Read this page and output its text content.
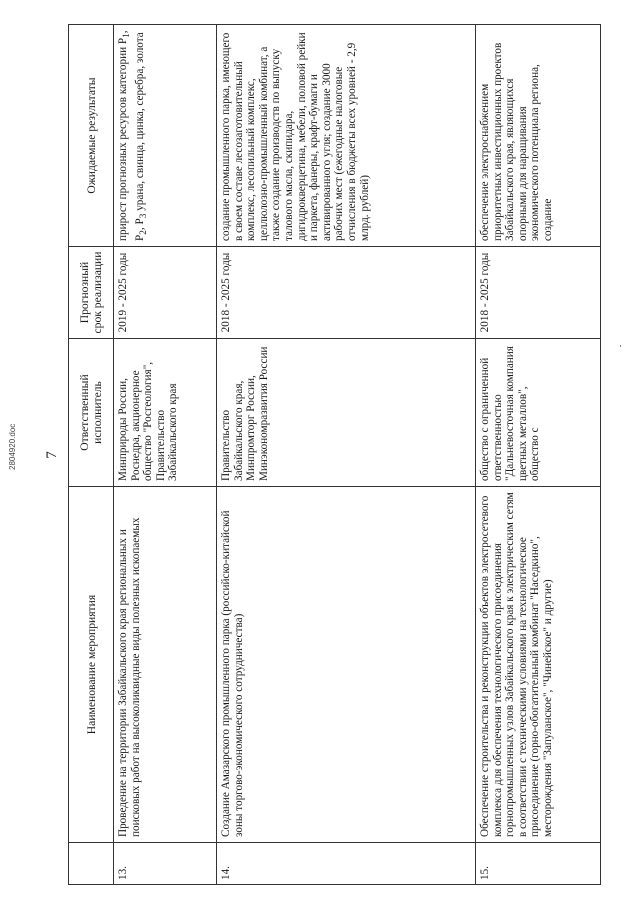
7
	Наименование мероприятия	Ответственный исполнитель	Прогнозный срок реализации	Ожидаемые результаты
13.	Проведение на территории Забайкальского края региональных и поисковых работ на высоколиквидные виды полезных ископаемых	Минприроды России, Роснедра, акционерное общество "Росгеология", Правительство Забайкальского края	2019 - 2025 годы	прирост прогнозных ресурсов категории $P_1$, $P_2$, $P_3$ урана, свинца, цинка, серебра, золота
14.	Создание Амазарского промышленного парка (российско-китайской зоны торгово-экономического сотрудничества)	Правительство Забайкальского края, Минпромторг России, Минэкономразвития России	2018 - 2025 годы	создание промышленного парка, имеющего в своем составе лесозаготовительный комплекс, лесопильный комплекс, целлюлозно-промышленный комбинат, а также создание производств по выпуску талового масла, скипидара, дигидрокверцетина, мебели, половой рейки и паркета, фанеры, крафт-бумаги и активированного угля; создание 3000 рабочих мест (ежегодные налоговые отчисления в бюджеты всех уровней - 2,9 млрд. рублей)
15.	Обеспечение строительства и реконструкции объектов электросетевого комплекса для обеспечения технологического присоединения горнопромышленных узлов Забайкальского края к электрическим сетям в соответствии с техническими условиями на технологическое присоединение (горно-обогатительный комбинат "Наседкино", месторождения "Запуланское", "Чинейское" и другие)	общество с ограниченной ответственностью "Дальневосточная компания цветных металлов", общество с	2018 - 2025 годы	обеспечение электроснабжением приоритетных инвестиционных проектов Забайкальского края, являющихся опорными для наращивания экономического потенциала региона, создание
2804920.doc
